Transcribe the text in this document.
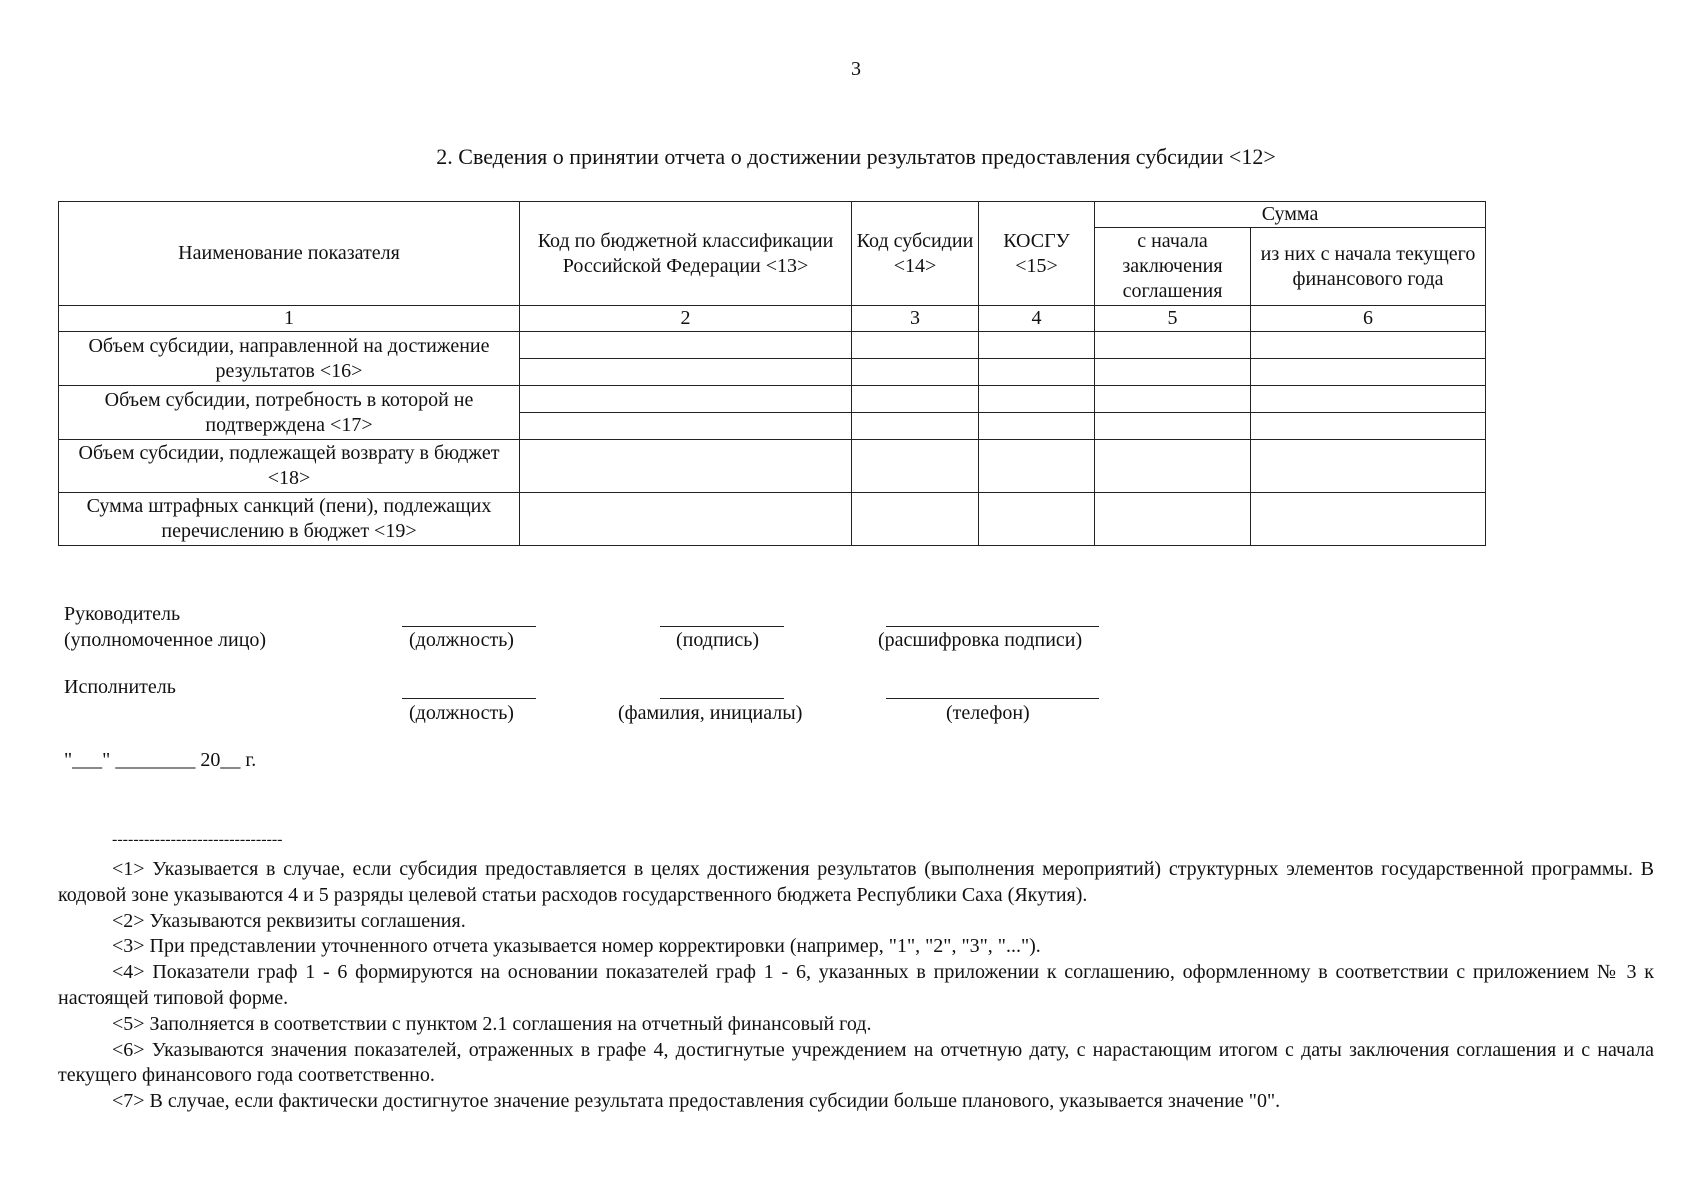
3
2. Сведения о принятии отчета о достижении результатов предоставления субсидии <12>
Наименование показателя	Код по бюджетной классификации Российской Федерации <13>	Код субсидии <14>	КОСГУ <15>	Сумма	
				с начала заключения соглашения	из них с начала текущего финансового года
1	2	3	4	5	6
Объем субсидии, направленной на достижение результатов <16>					

Объем субсидии, потребность в которой не подтверждена <17>					

Объем субсидии, подлежащей возврату в бюджет <18>					
Сумма штрафных санкций (пени), подлежащих перечислению в бюджет <19>					
Руководитель
(уполномоченное лицо)	(должность)	(подпись)	(расшифровка подписи)
Исполнитель
(должность)	(фамилия, инициалы)	(телефон)
"___" ________ 20__ г.
--------------------------------

<1> Указывается в случае, если субсидия предоставляется в целях достижения результатов (выполнения мероприятий) структурных элементов государственной программы. В кодовой зоне указываются 4 и 5 разряды целевой статьи расходов государственного бюджета Республики Саха (Якутия).

<2> Указываются реквизиты соглашения.

<3> При представлении уточненного отчета указывается номер корректировки (например, "1", "2", "3", "...").

<4> Показатели граф 1 - 6 формируются на основании показателей граф 1 - 6, указанных в приложении к соглашению, оформленному в соответствии с приложением № 3 к настоящей типовой форме.

<5> Заполняется в соответствии с пунктом 2.1 соглашения на отчетный финансовый год.

<6> Указываются значения показателей, отраженных в графе 4, достигнутые учреждением на отчетную дату, с нарастающим итогом с даты заключения соглашения и с начала текущего финансового года соответственно.

<7> В случае, если фактически достигнутое значение результата предоставления субсидии больше планового, указывается значение "0".
